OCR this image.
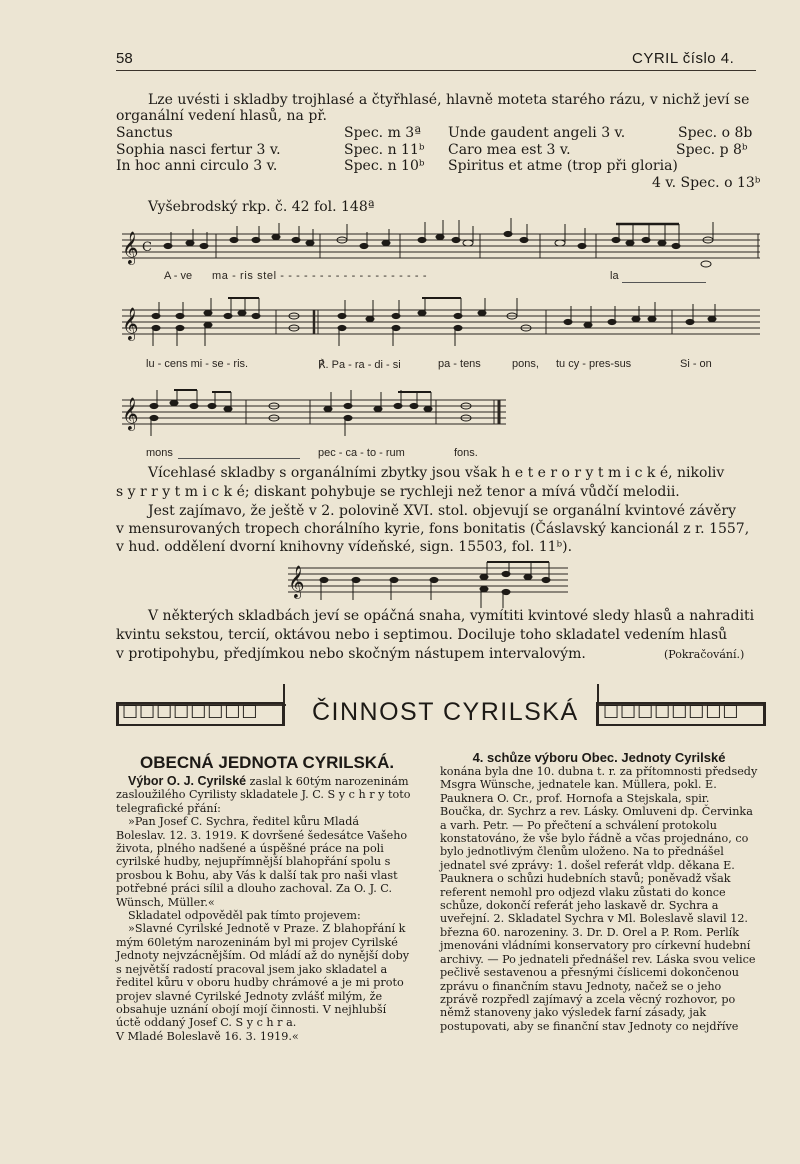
58	CYRIL číslo 4.
Lze uvésti i skladby trojhlasé a čtyřhlasé, hlavně moteta starého rázu, v nichž jeví se
organální vedení hlasů, na př.
Sanctus	Spec. m 3ª Unde gaudent angeli 3 v.	Spec. o 8b
Sophia nasci fertur 3 v.	Spec. n 11ᵇ Caro mea est 3 v.	Spec. p 8ᵇ
In hoc anni circulo 3 v.	Spec. n 10ᵇ Spiritus et atme (trop při gloria)
4 v. Spec. o 13ᵇ
Vyšebrodský rkp. č. 42 fol. 148ª
𝄞 C
A - ve ma - ris stel - - - - - - - - - - - - - - - - - - -	la
𝄞
lu - cens mi - se - ris.	℟. Pa - ra - di - si	pa - tens	pons, tu cy - pres-sus	Si - on
𝄞
mons	pec - ca - to - rum	fons.
Vícehlasé skladby s organálními zbytky jsou však h e t e r o r y t m i c k é, nikoliv
s y r r y t m i c k é; diskant pohybuje se rychleji než tenor a mívá vůdčí melodii.
Jest zajímavo, že ještě v 2. polovině XVI. stol. objevují se organální kvintové závěry
v mensurovaných tropech chorálního kyrie, fons bonitatis (Čáslavský kancionál z r. 1557,
v hud. oddělení dvorní knihovny vídeňské, sign. 15503, fol. 11ᵇ).
𝄞
V některých skladbách jeví se opáčná snaha, vymítiti kvintové sledy hlasů a nahraditi
kvintu sekstou, tercií, oktávou nebo i septimou. Dociluje toho skladatel vedením hlasů
v protipohybu, předjímkou nebo skočným nástupem intervalovým.	(Pokračování.)
□□□□□□□□	□□□□□□□□
ČINNOST CYRILSKÁ
OBECNÁ JEDNOTA CYRILSKÁ.

Výbor O. J. Cyrilské zaslal k 60tým narozeninám zasloužilého Cyrilisty skladatele J. C. S y c h r y toto telegrafické přání:

»Pan Josef C. Sychra, ředitel kůru Mladá Boleslav. 12. 3. 1919. K dovršené šedesátce Vašeho života, plného nadšené a úspěšné práce na poli cyrilské hudby, nejupřímnější blahopřání spolu s prosbou k Bohu, aby Vás k další tak pro naši vlast potřebné práci sílil a dlouho zachoval. Za O. J. C. Wünsch, Müller.«

Skladatel odpověděl pak tímto projevem:

»Slavné Cyrilské Jednotě v Praze. Z blahopřání k mým 60letým narozeninám byl mi projev Cyrilské Jednoty nejvzácnějším. Od mládí až do nynější doby s největší radostí pracoval jsem jako skladatel a ředitel kůru v oboru hudby chrámové a je mi proto projev slavné Cyrilské Jednoty zvlášť milým, že obsahuje uznání obojí mojí činnosti. V nejhlubší úctě oddaný Josef C. S y c h r a.

V Mladé Boleslavě 16. 3. 1919.«

4. schůze výboru Obec. Jednoty Cyrilské

konána byla dne 10. dubna t. r. za přítomnosti předsedy Msgra Wünsche, jednatele kan. Müllera, pokl. E. Pauknera O. Cr., prof. Hornofa a Stejskala, spir. Boučka, dr. Sychrz a rev. Lásky. Omluveni dp. Červinka a varh. Petr. — Po přečtení a schválení protokolu konstatováno, že vše bylo řádně a včas projednáno, co bylo jednotlivým členům uloženo. Na to přednášel jednatel své zprávy: 1. došel referát vldp. děkana E. Pauknera o schůzi hudebních stavů; poněvadž však referent nemohl pro odjezd vlaku zůstati do konce schůze, dokončí referát jeho laskavě dr. Sychra a uveřejní. 2. Skladatel Sychra v Ml. Boleslavě slavil 12. března 60. narozeniny. 3. Dr. D. Orel a P. Rom. Perlík jmenováni vládními konservatory pro církevní hudební archivy. — Po jednateli přednášel rev. Láska svou velice pečlivě sestavenou a přesnými číslicemi dokončenou zprávu o finančním stavu Jednoty, načež se o jeho zprávě rozpředl zajímavý a zcela věcný rozhovor, po němž stanoveny jako výsledek farní zásady, jak postupovati, aby se finanční stav Jednoty co nejdříve
